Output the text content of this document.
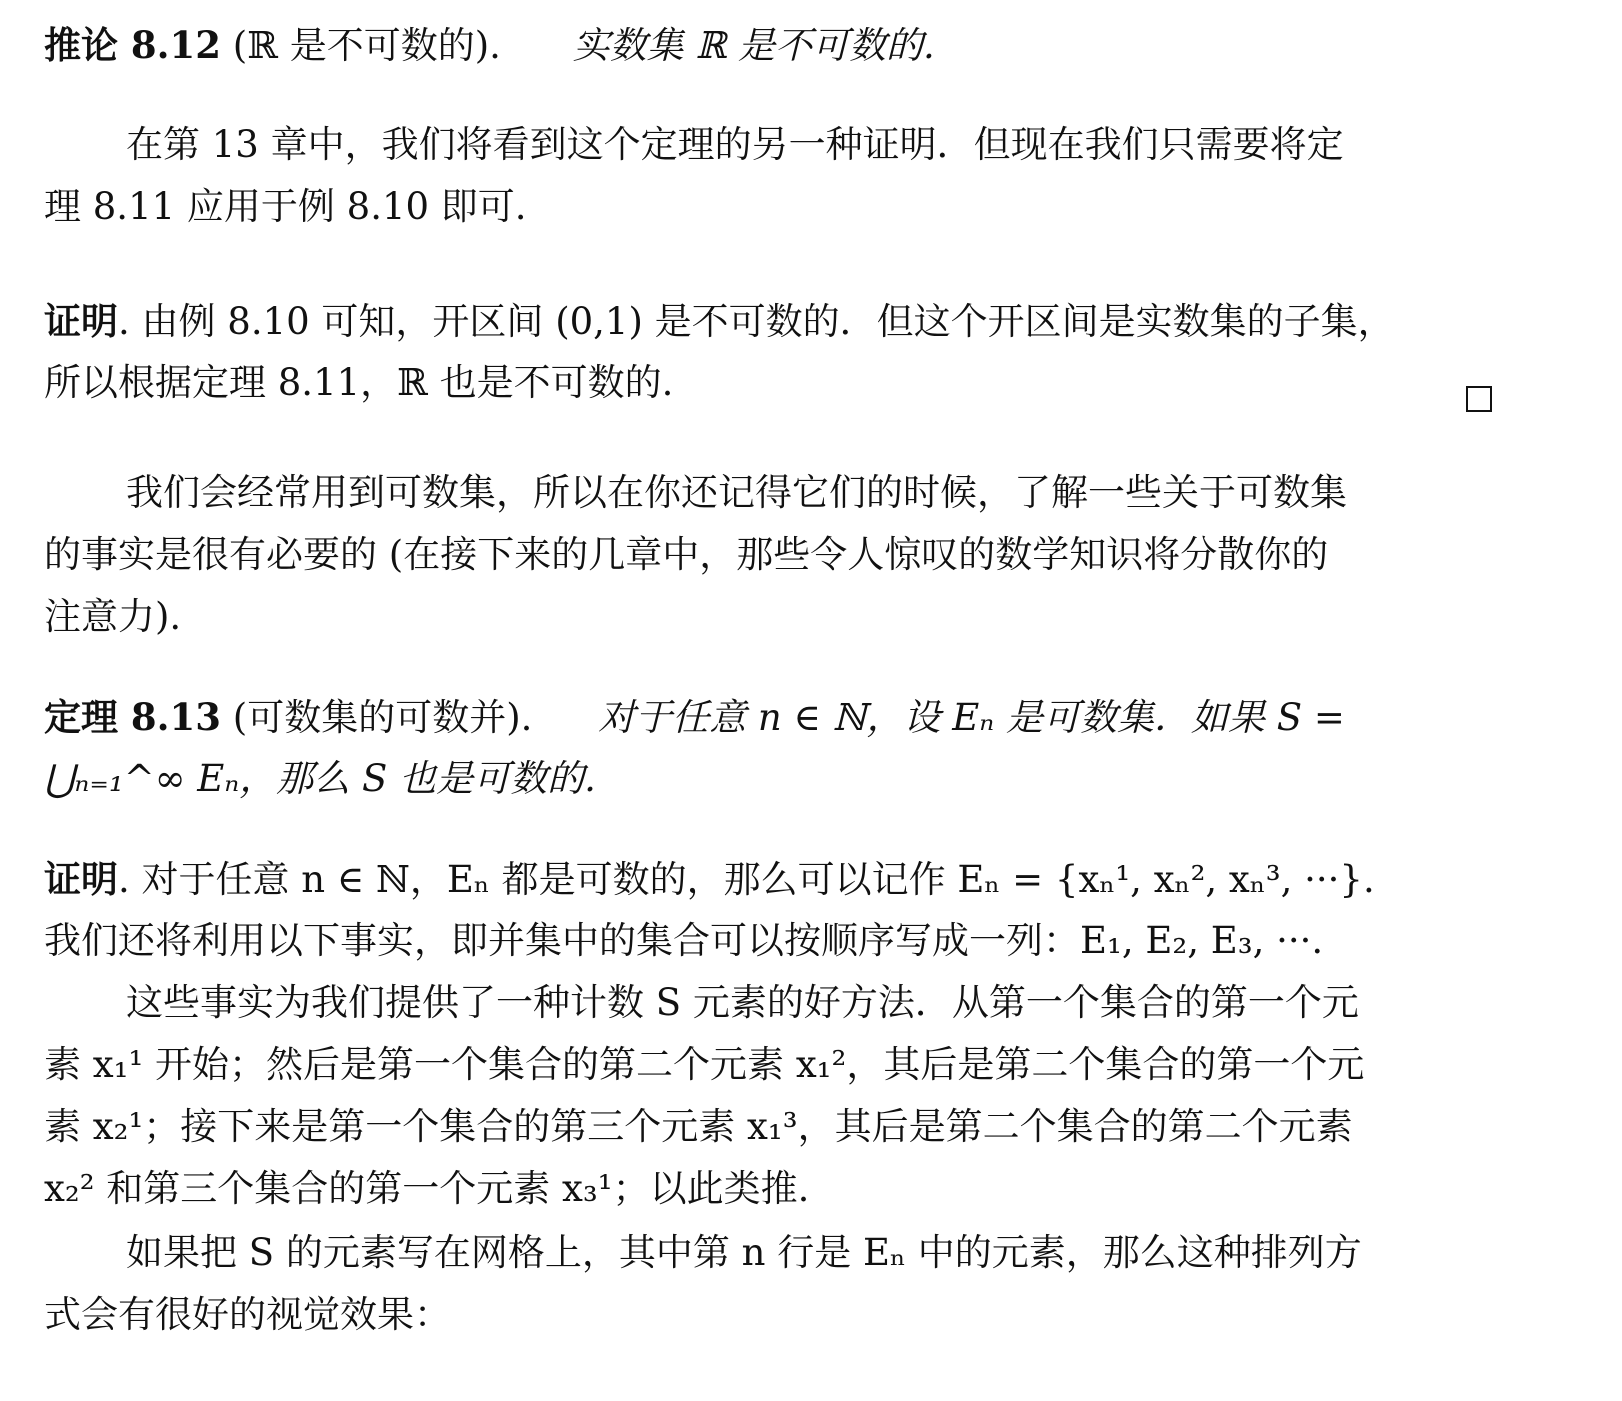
推论 8.12 (ℝ 是不可数的). 实数集 ℝ 是不可数的.
在第 13 章中，我们将看到这个定理的另一种证明．但现在我们只需要将定
理 8.11 应用于例 8.10 即可.
证明. 由例 8.10 可知，开区间 (0,1) 是不可数的．但这个开区间是实数集的子集，
所以根据定理 8.11，ℝ 也是不可数的.
我们会经常用到可数集，所以在你还记得它们的时候，了解一些关于可数集
的事实是很有必要的 (在接下来的几章中，那些令人惊叹的数学知识将分散你的
注意力).
定理 8.13 (可数集的可数并). 对于任意 n ∈ ℕ，设 Eₙ 是可数集．如果 S =
⋃ₙ₌₁^∞ Eₙ，那么 S 也是可数的.
证明. 对于任意 n ∈ ℕ，Eₙ 都是可数的，那么可以记作 Eₙ = {xₙ¹, xₙ², xₙ³, ···}.
我们还将利用以下事实，即并集中的集合可以按顺序写成一列：E₁, E₂, E₃, ···.
这些事实为我们提供了一种计数 S 元素的好方法．从第一个集合的第一个元
素 x₁¹ 开始；然后是第一个集合的第二个元素 x₁²，其后是第二个集合的第一个元
素 x₂¹；接下来是第一个集合的第三个元素 x₁³，其后是第二个集合的第二个元素
x₂² 和第三个集合的第一个元素 x₃¹；以此类推.
如果把 S 的元素写在网格上，其中第 n 行是 Eₙ 中的元素，那么这种排列方
式会有很好的视觉效果：
